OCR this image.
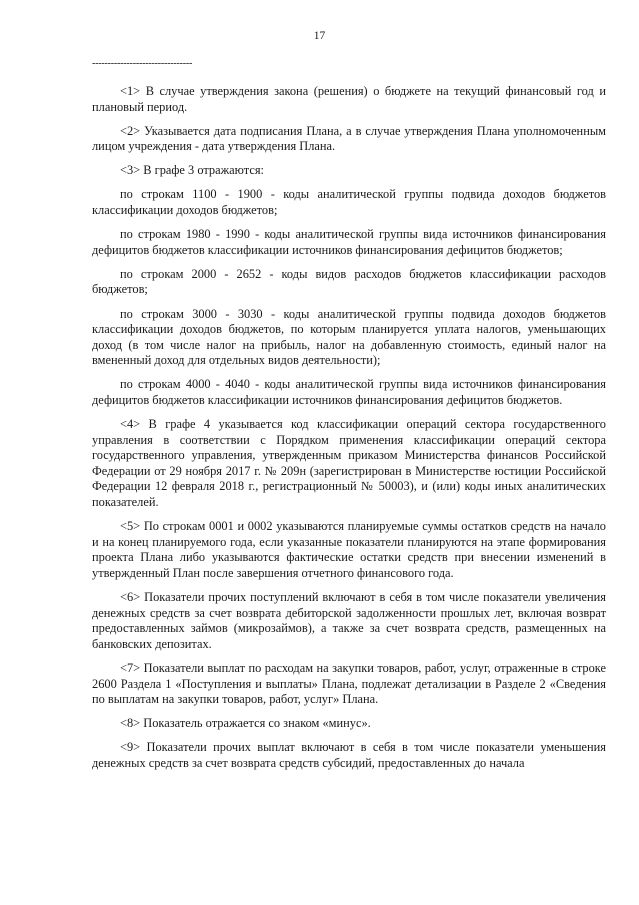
17
--------------------------------

<1> В случае утверждения закона (решения) о бюджете на текущий финансовый год и плановый период.

<2> Указывается дата подписания Плана, а в случае утверждения Плана уполномоченным лицом учреждения - дата утверждения Плана.

<3> В графе 3 отражаются:

по строкам 1100 - 1900 - коды аналитической группы подвида доходов бюджетов классификации доходов бюджетов;

по строкам 1980 - 1990 - коды аналитической группы вида источников финансирования дефицитов бюджетов классификации источников финансирования дефицитов бюджетов;

по строкам 2000 - 2652 - коды видов расходов бюджетов классификации расходов бюджетов;

по строкам 3000 - 3030 - коды аналитической группы подвида доходов бюджетов классификации доходов бюджетов, по которым планируется уплата налогов, уменьшающих доход (в том числе налог на прибыль, налог на добавленную стоимость, единый налог на вмененный доход для отдельных видов деятельности);

по строкам 4000 - 4040 - коды аналитической группы вида источников финансирования дефицитов бюджетов классификации источников финансирования дефицитов бюджетов.

<4> В графе 4 указывается код классификации операций сектора государственного управления в соответствии с Порядком применения классификации операций сектора государственного управления, утвержденным приказом Министерства финансов Российской Федерации от 29 ноября 2017 г. № 209н (зарегистрирован в Министерстве юстиции Российской Федерации 12 февраля 2018 г., регистрационный № 50003), и (или) коды иных аналитических показателей.

<5> По строкам 0001 и 0002 указываются планируемые суммы остатков средств на начало и на конец планируемого года, если указанные показатели планируются на этапе формирования проекта Плана либо указываются фактические остатки средств при внесении изменений в утвержденный План после завершения отчетного финансового года.

<6> Показатели прочих поступлений включают в себя в том числе показатели увеличения денежных средств за счет возврата дебиторской задолженности прошлых лет, включая возврат предоставленных займов (микрозаймов), а также за счет возврата средств, размещенных на банковских депозитах.

<7> Показатели выплат по расходам на закупки товаров, работ, услуг, отраженные в строке 2600 Раздела 1 «Поступления и выплаты» Плана, подлежат детализации в Разделе 2 «Сведения по выплатам на закупки товаров, работ, услуг» Плана.

<8> Показатель отражается со знаком «минус».

<9> Показатели прочих выплат включают в себя в том числе показатели уменьшения денежных средств за счет возврата средств субсидий, предоставленных до начала
